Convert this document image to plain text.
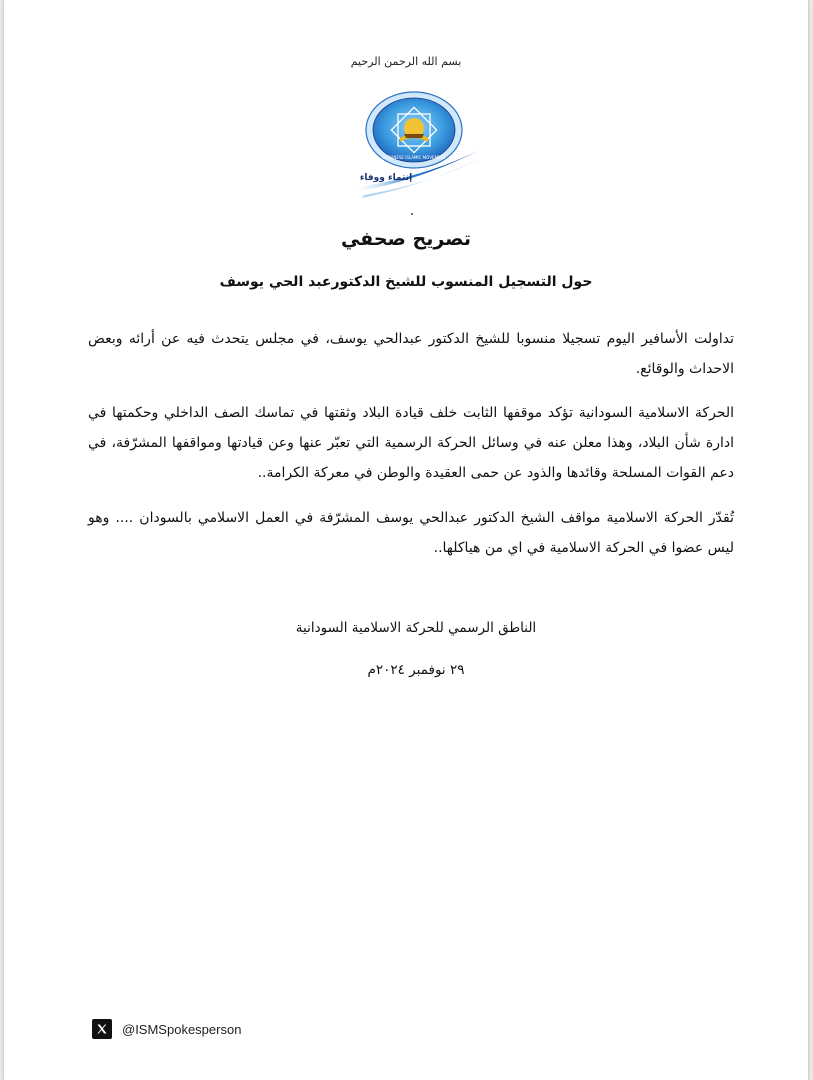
بسم الله الرحمن الرحيم
SUDANESE ISLAMIC MOVEMENT
إنتماء ووفاء
تصريح صحفي
حول التسجيل المنسوب للشيخ الدكتورعبد الحي يوسف
تداولت الأسافير اليوم تسجيلا منسوبا للشيخ الدكتور عبدالحي يوسف، في مجلس يتحدث فيه عن أرائه وبعض الاحداث والوقائع.
الحركة الاسلامية السودانية تؤكد موقفها الثابت خلف قيادة البلاد وثقتها في تماسك الصف الداخلي وحكمتها في ادارة شأن البلاد، وهذا معلن عنه في وسائل الحركة الرسمية التي تعبّر عنها وعن قيادتها ومواقفها المشرّفة، في دعم القوات المسلحة وقائدها والذود عن حمى العقيدة والوطن في معركة الكرامة..
تُقدّر الحركة الاسلامية مواقف الشيخ الدكتور عبدالحي يوسف المشرّفة في العمل الاسلامي بالسودان .... وهو ليس عضوا في الحركة الاسلامية في اي من هياكلها..
الناطق الرسمي للحركة الاسلامية السودانية
٢٩ نوفمبر ٢٠٢٤م
@ISMSpokesperson
